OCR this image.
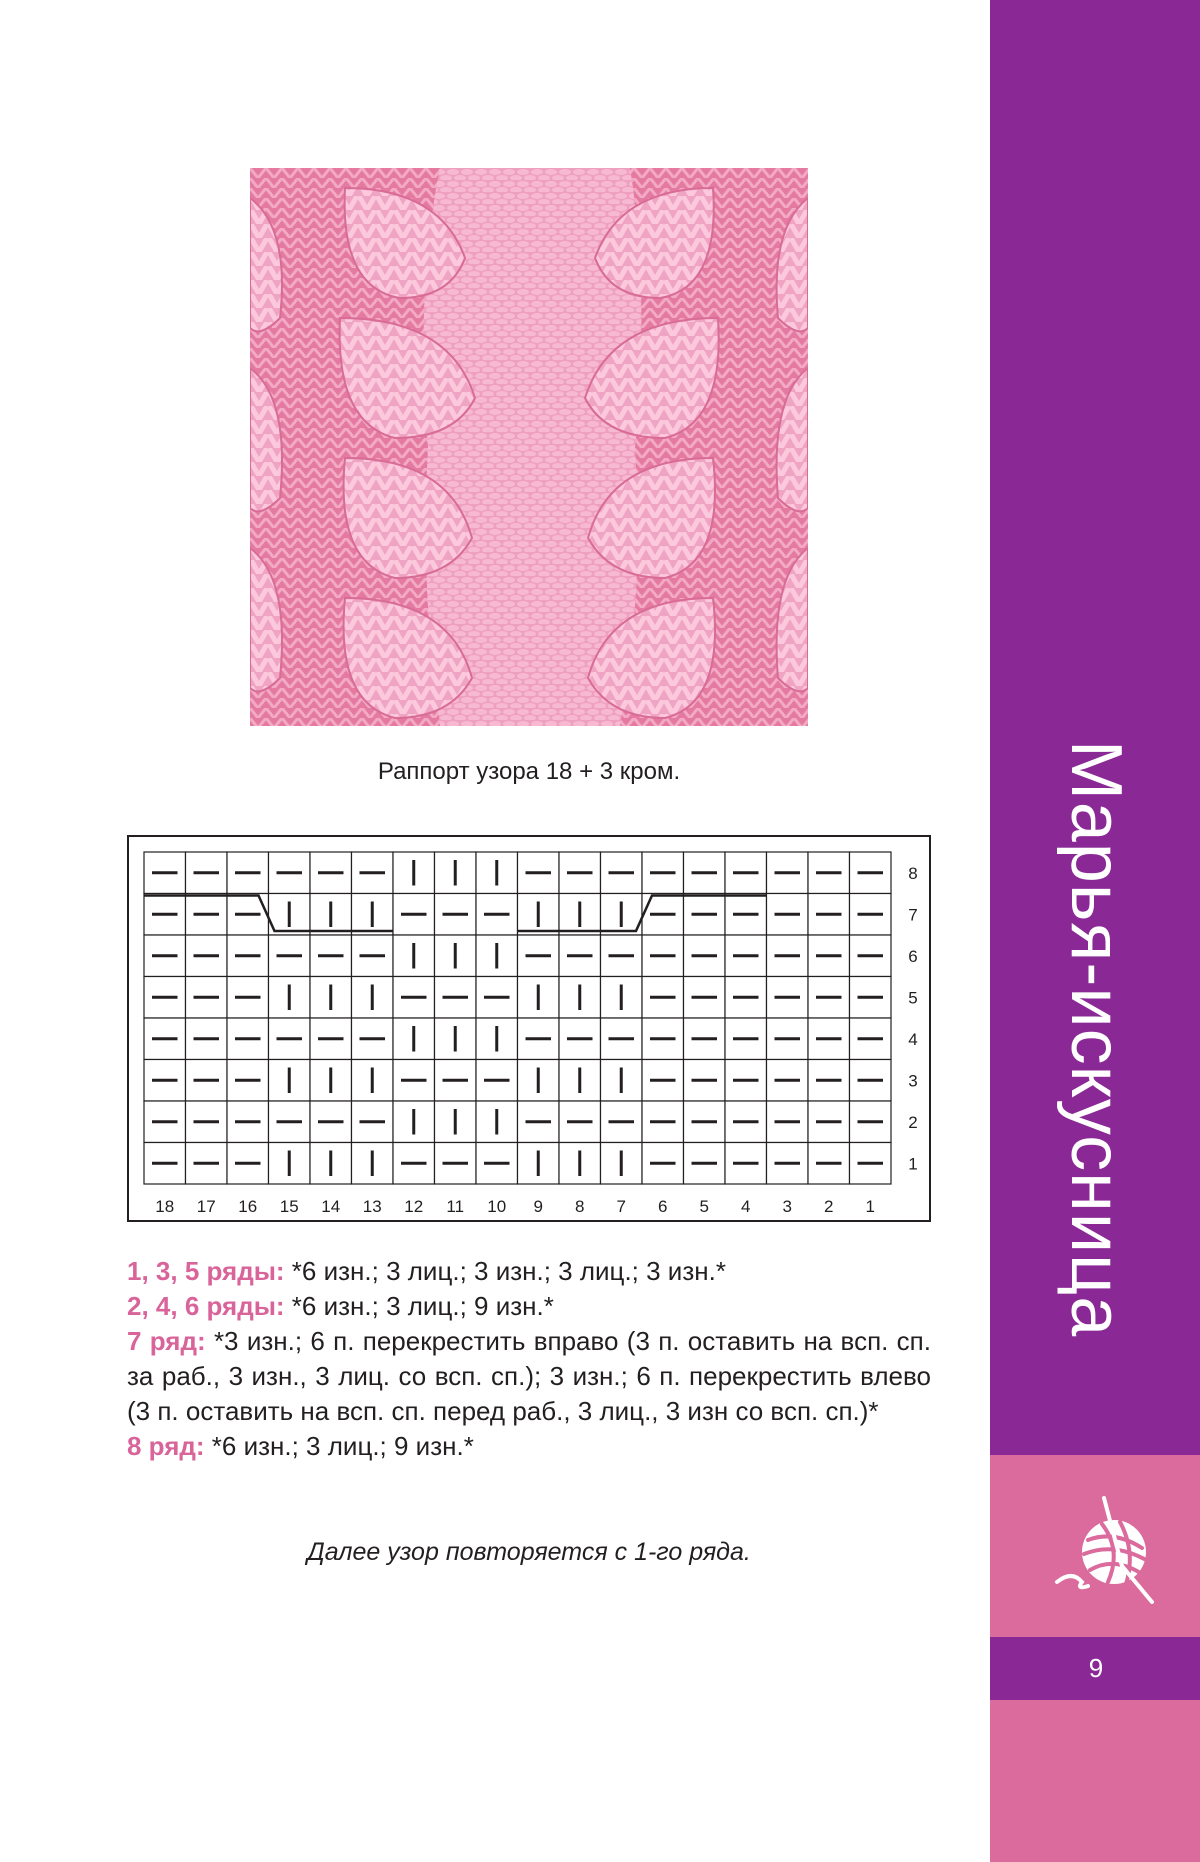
Раппорт узора 18 + 3 кром.
8
7
6
5
4
3
2
1
18 17 16 15 14 13 12 11 10 9 8 7 6 5 4 3 2 1

1, 3, 5 ряды: *6 изн.; 3 лиц.; 3 изн.; 3 лиц.; 3 изн.*

2, 4, 6 ряды: *6 изн.; 3 лиц.; 9 изн.*

7 ряд: *3 изн.; 6 п. перекрестить вправо (3 п. оставить на всп. сп. за раб., 3 изн., 3 лиц. со всп. сп.); 3 изн.; 6 п. перекрестить влево (3 п. оставить на всп. сп. перед раб., 3 лиц., 3 изн со всп. сп.)*

8 ряд: *6 изн.; 3 лиц.; 9 изн.*

Далее узор повторяется с 1-го ряда.
Марья-искусница
9
